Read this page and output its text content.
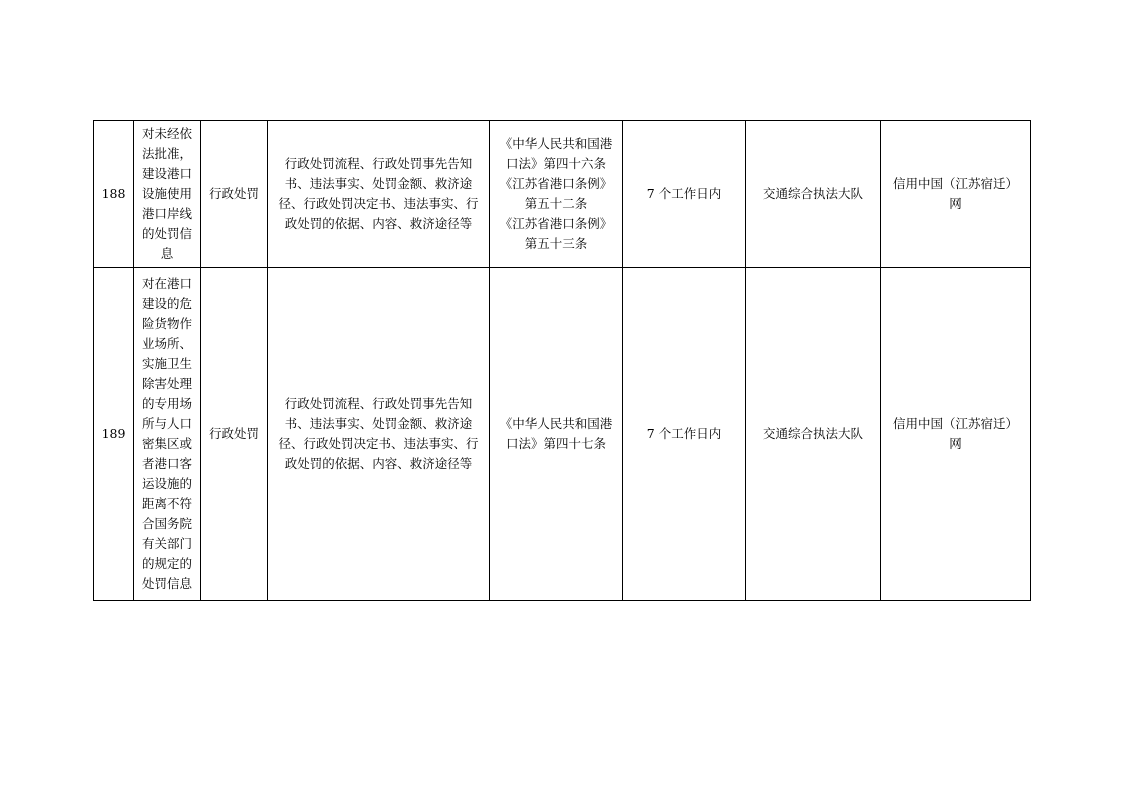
188	对未经依法批准，建设港口设施使用港口岸线的处罚信息	行政处罚	行政处罚流程、行政处罚事先告知书、违法事实、处罚金额、救济途径、行政处罚决定书、违法事实、行政处罚的依据、内容、救济途径等	《中华人民共和国港口法》第四十六条
《江苏省港口条例》第五十二条
《江苏省港口条例》第五十三条	7 个工作日内	交通综合执法大队	信用中国（江苏宿迁）网
189	对在港口建设的危险货物作业场所、实施卫生除害处理的专用场所与人口密集区或者港口客运设施的距离不符合国务院有关部门的规定的处罚信息	行政处罚	行政处罚流程、行政处罚事先告知书、违法事实、处罚金额、救济途径、行政处罚决定书、违法事实、行政处罚的依据、内容、救济途径等	《中华人民共和国港口法》第四十七条	7 个工作日内	交通综合执法大队	信用中国（江苏宿迁）网
